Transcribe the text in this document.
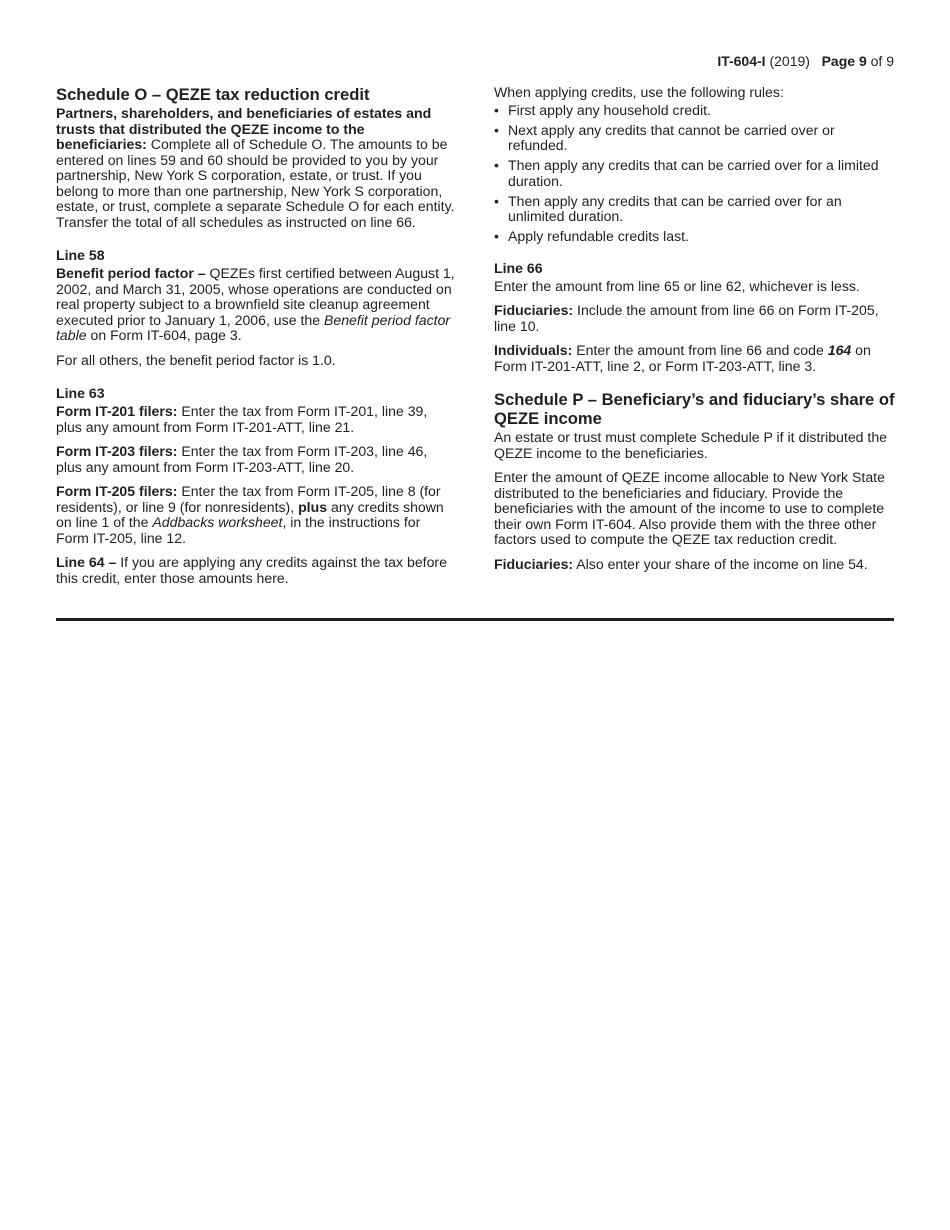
IT-604-I (2019) Page 9 of 9
Schedule O – QEZE tax reduction credit

Partners, shareholders, and beneficiaries of estates and trusts that distributed the QEZE income to the beneficiaries: Complete all of Schedule O. The amounts to be entered on lines 59 and 60 should be provided to you by your partnership, New York S corporation, estate, or trust. If you belong to more than one partnership, New York S corporation, estate, or trust, complete a separate Schedule O for each entity. Transfer the total of all schedules as instructed on line 66.

Line 58

Benefit period factor – QEZEs first certified between August 1, 2002, and March 31, 2005, whose operations are conducted on real property subject to a brownfield site cleanup agreement executed prior to January 1, 2006, use the Benefit period factor table on Form IT-604, page 3.

For all others, the benefit period factor is 1.0.

Line 63

Form IT-201 filers: Enter the tax from Form IT-201, line 39, plus any amount from Form IT-201-ATT, line 21.

Form IT-203 filers: Enter the tax from Form IT-203, line 46, plus any amount from Form IT-203-ATT, line 20.

Form IT-205 filers: Enter the tax from Form IT-205, line 8 (for residents), or line 9 (for nonresidents), plus any credits shown on line 1 of the Addbacks worksheet, in the instructions for Form IT-205, line 12.

Line 64 – If you are applying any credits against the tax before this credit, enter those amounts here.

When applying credits, use the following rules:

• First apply any household credit.
• Next apply any credits that cannot be carried over or refunded.
• Then apply any credits that can be carried over for a limited duration.
• Then apply any credits that can be carried over for an unlimited duration.
• Apply refundable credits last.
Line 66

Enter the amount from line 65 or line 62, whichever is less.

Fiduciaries: Include the amount from line 66 on Form IT-205, line 10.

Individuals: Enter the amount from line 66 and code 164 on Form IT-201-ATT, line 2, or Form IT-203-ATT, line 3.

Schedule P – Beneficiary’s and fiduciary’s share of QEZE income

An estate or trust must complete Schedule P if it distributed the QEZE income to the beneficiaries.

Enter the amount of QEZE income allocable to New York State distributed to the beneficiaries and fiduciary. Provide the beneficiaries with the amount of the income to use to complete their own Form IT-604. Also provide them with the three other factors used to compute the QEZE tax reduction credit.

Fiduciaries: Also enter your share of the income on line 54.
